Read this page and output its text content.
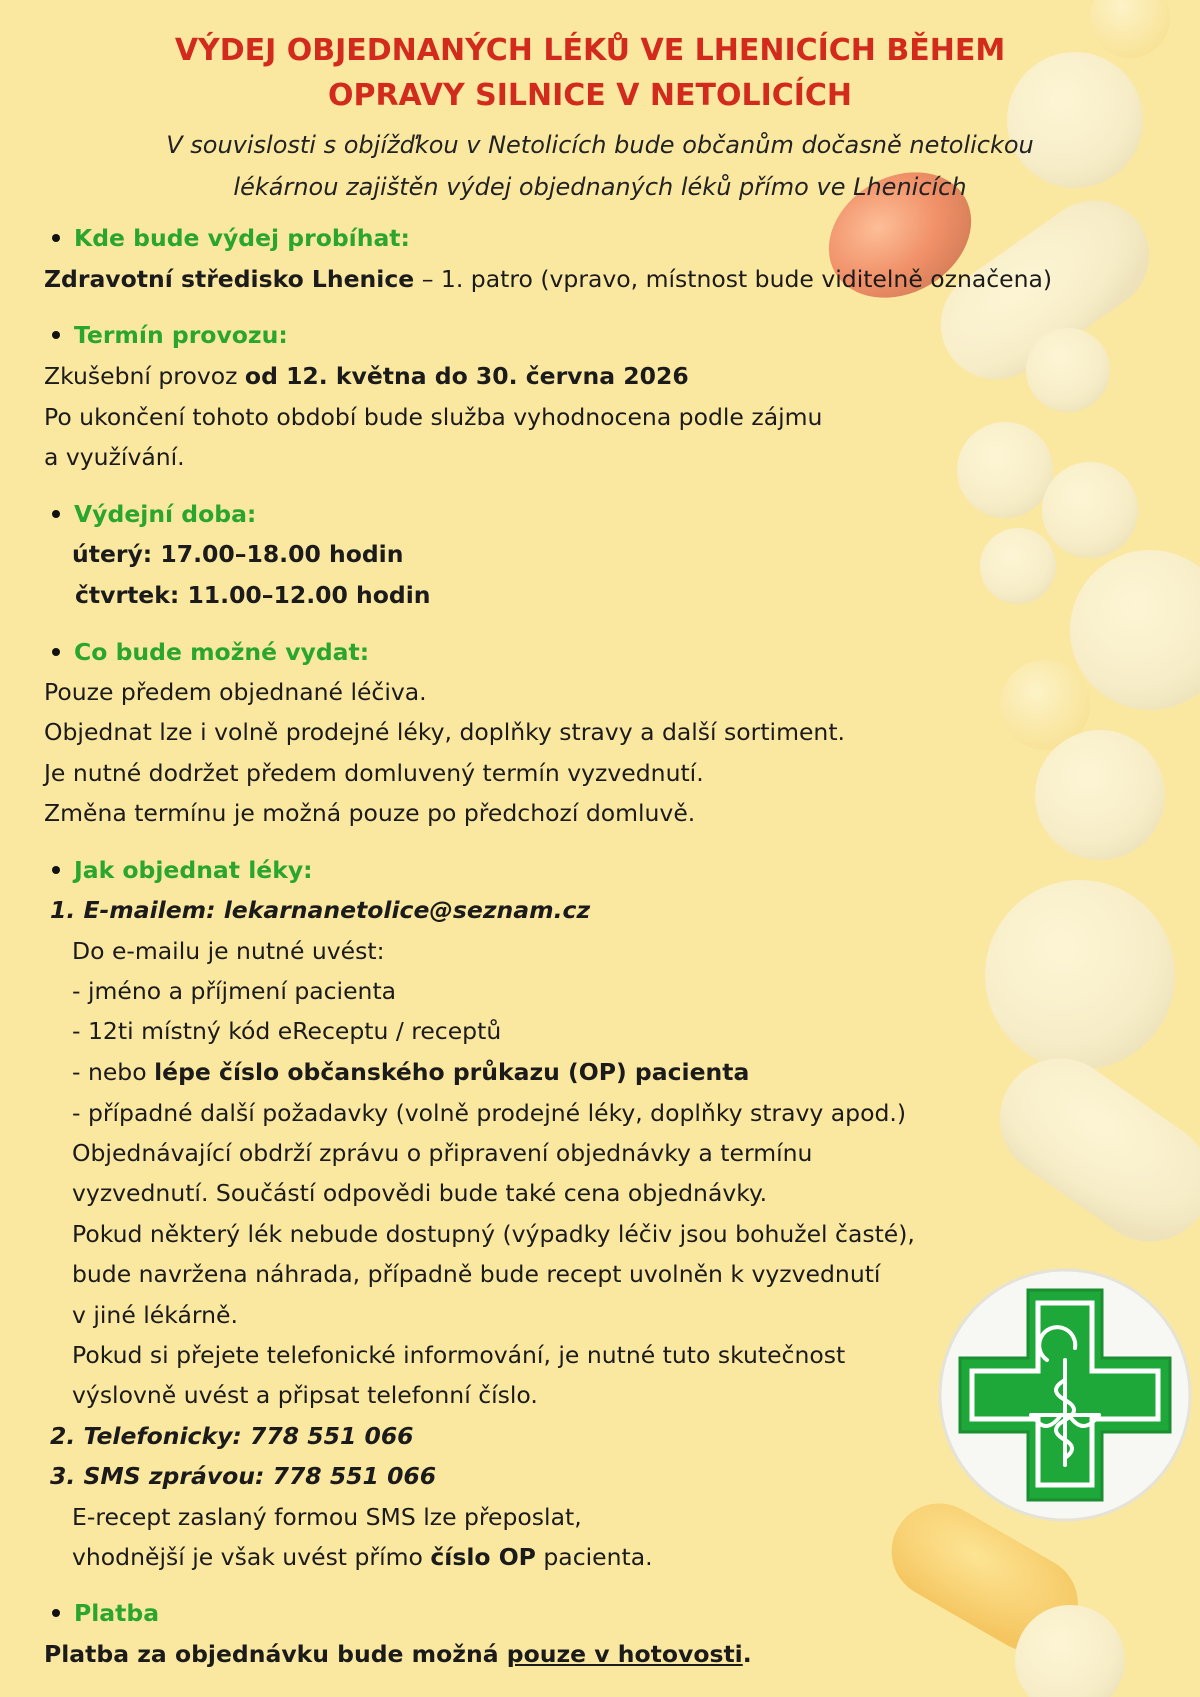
VÝDEJ OBJEDNANÝCH LÉKŮ VE LHENICÍCH BĚHEM
OPRAVY SILNICE V NETOLICÍCH

V souvislosti s objížďkou v Netolicích bude občanům dočasně netolickou
lékárnou zajištěn výdej objednaných léků přímo ve Lhenicích

Kde bude výdej probíhat:
Zdravotní středisko Lhenice – 1. patro (vpravo, místnost bude viditelně označena)
Termín provozu:
Zkušební provoz od 12. května do 30. června 2026
Po ukončení tohoto období bude služba vyhodnocena podle zájmu
a využívání.
Výdejní doba:
úterý: 17.00–18.00 hodin
čtvrtek: 11.00–12.00 hodin
Co bude možné vydat:
Pouze předem objednané léčiva.
Objednat lze i volně prodejné léky, doplňky stravy a další sortiment.
Je nutné dodržet předem domluvený termín vyzvednutí.
Změna termínu je možná pouze po předchozí domluvě.
Jak objednat léky:
1. E-mailem: lekarnanetolice@seznam.cz
Do e-mailu je nutné uvést:
- jméno a příjmení pacienta
- 12ti místný kód eReceptu / receptů
- nebo lépe číslo občanského průkazu (OP) pacienta
- případné další požadavky (volně prodejné léky, doplňky stravy apod.)
Objednávající obdrží zprávu o připravení objednávky a termínu
vyzvednutí. Součástí odpovědi bude také cena objednávky.
Pokud některý lék nebude dostupný (výpadky léčiv jsou bohužel časté),
bude navržena náhrada, případně bude recept uvolněn k vyzvednutí
v jiné lékárně.
Pokud si přejete telefonické informování, je nutné tuto skutečnost
výslovně uvést a připsat telefonní číslo.
2. Telefonicky: 778 551 066
3. SMS zprávou: 778 551 066
E-recept zaslaný formou SMS lze přeposlat,
vhodnější je však uvést přímo číslo OP pacienta.
Platba
Platba za objednávku bude možná pouze v hotovosti.
